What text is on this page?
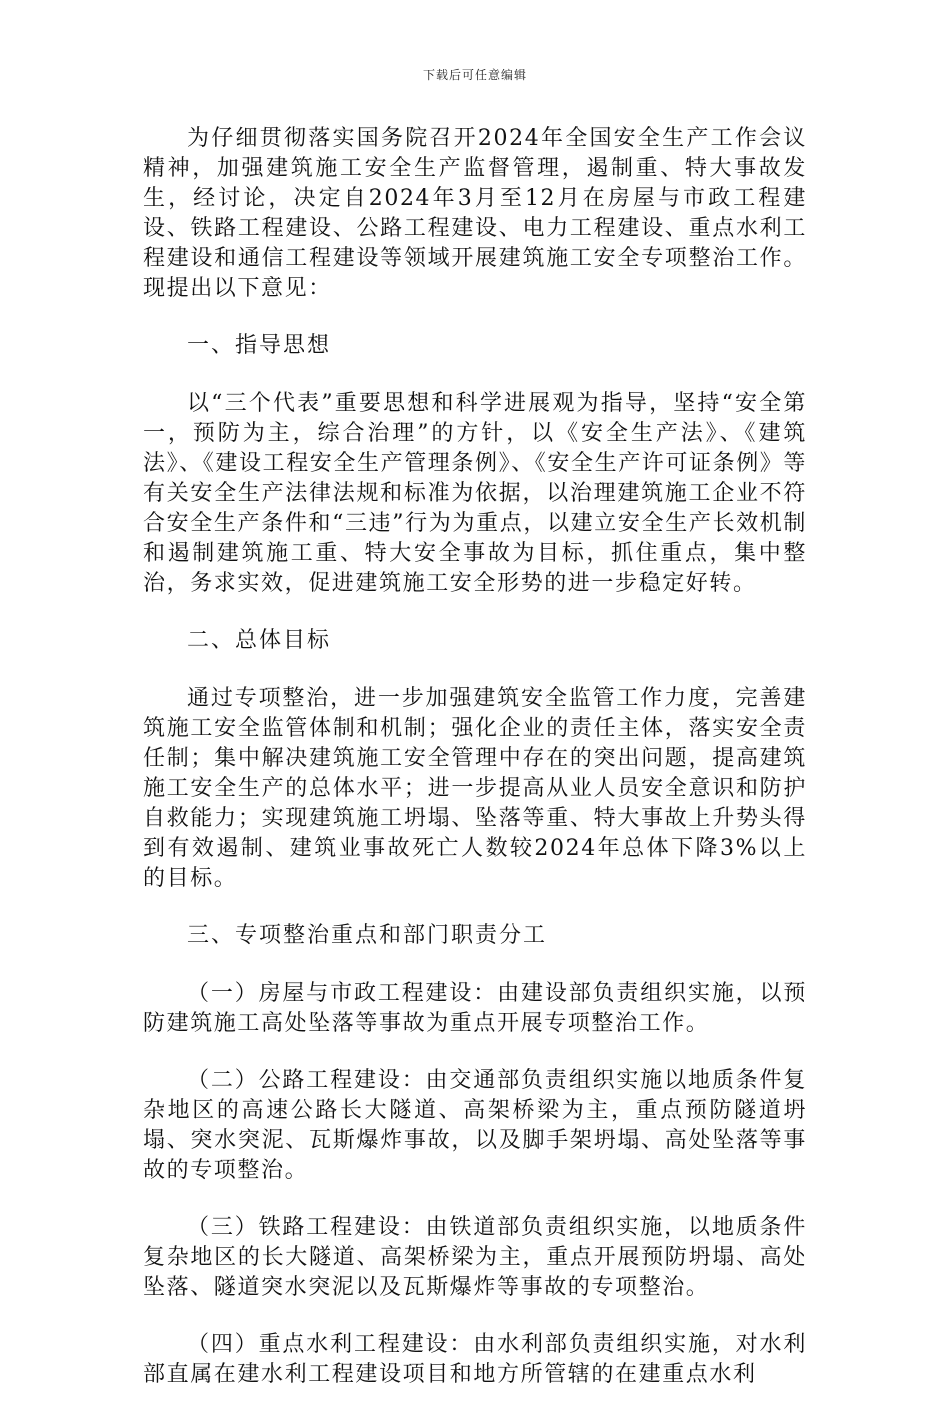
下载后可任意编辑

为仔细贯彻落实国务院召开2024年全国安全生产工作会议精神，加强建筑施工安全生产监督管理，遏制重、特大事故发生，经讨论，决定自2024年3月至12月在房屋与市政工程建设、铁路工程建设、公路工程建设、电力工程建设、重点水利工程建设和通信工程建设等领域开展建筑施工安全专项整治工作。现提出以下意见：

一、指导思想

以“三个代表”重要思想和科学进展观为指导，坚持“安全第一，预防为主，综合治理”的方针，以《安全生产法》、《建筑法》、《建设工程安全生产管理条例》、《安全生产许可证条例》等有关安全生产法律法规和标准为依据，以治理建筑施工企业不符合安全生产条件和“三违”行为为重点，以建立安全生产长效机制和遏制建筑施工重、特大安全事故为目标，抓住重点，集中整治，务求实效，促进建筑施工安全形势的进一步稳定好转。

二、总体目标

通过专项整治，进一步加强建筑安全监管工作力度，完善建筑施工安全监管体制和机制；强化企业的责任主体，落实安全责任制；集中解决建筑施工安全管理中存在的突出问题，提高建筑施工安全生产的总体水平；进一步提高从业人员安全意识和防护自救能力；实现建筑施工坍塌、坠落等重、特大事故上升势头得到有效遏制、建筑业事故死亡人数较2024年总体下降3%以上的目标。

三、专项整治重点和部门职责分工

（一）房屋与市政工程建设：由建设部负责组织实施，以预防建筑施工高处坠落等事故为重点开展专项整治工作。

（二）公路工程建设：由交通部负责组织实施以地质条件复杂地区的高速公路长大隧道、高架桥梁为主，重点预防隧道坍塌、突水突泥、瓦斯爆炸事故，以及脚手架坍塌、高处坠落等事故的专项整治。

（三）铁路工程建设：由铁道部负责组织实施，以地质条件复杂地区的长大隧道、高架桥梁为主，重点开展预防坍塌、高处坠落、隧道突水突泥以及瓦斯爆炸等事故的专项整治。

（四）重点水利工程建设：由水利部负责组织实施，对水利部直属在建水利工程建设项目和地方所管辖的在建重点水利
